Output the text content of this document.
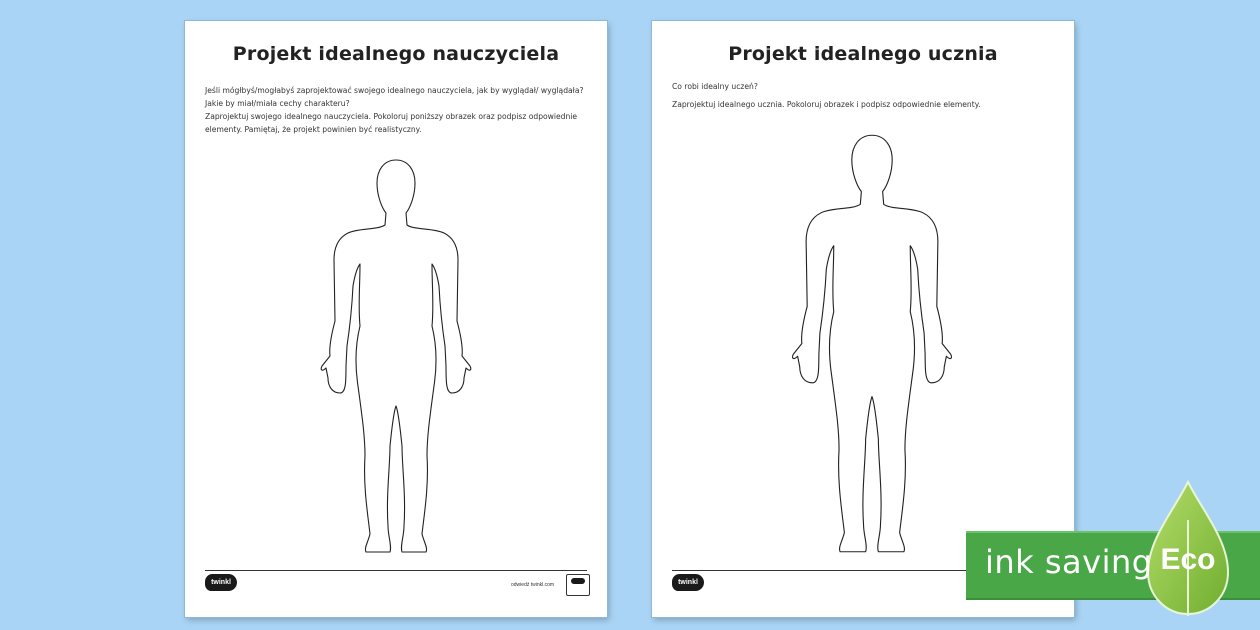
Projekt idealnego nauczyciela
Jeśli mógłbyś/mogłabyś zaprojektować swojego idealnego nauczyciela, jak by wyglądał/ wyglądała? Jakie by miał/miała cechy charakteru?
Zaprojektuj swojego idealnego nauczyciela. Pokoloruj poniższy obrazek oraz podpisz odpowiednie elementy. Pamiętaj, że projekt powinien być realistyczny.
twinkl	odwiedź twinkl.com
Projekt idealnego ucznia
Co robi idealny uczeń?
Zaprojektuj idealnego ucznia. Pokoloruj obrazek i podpisz odpowiednie elementy.
twinkl
ink saving Eco
